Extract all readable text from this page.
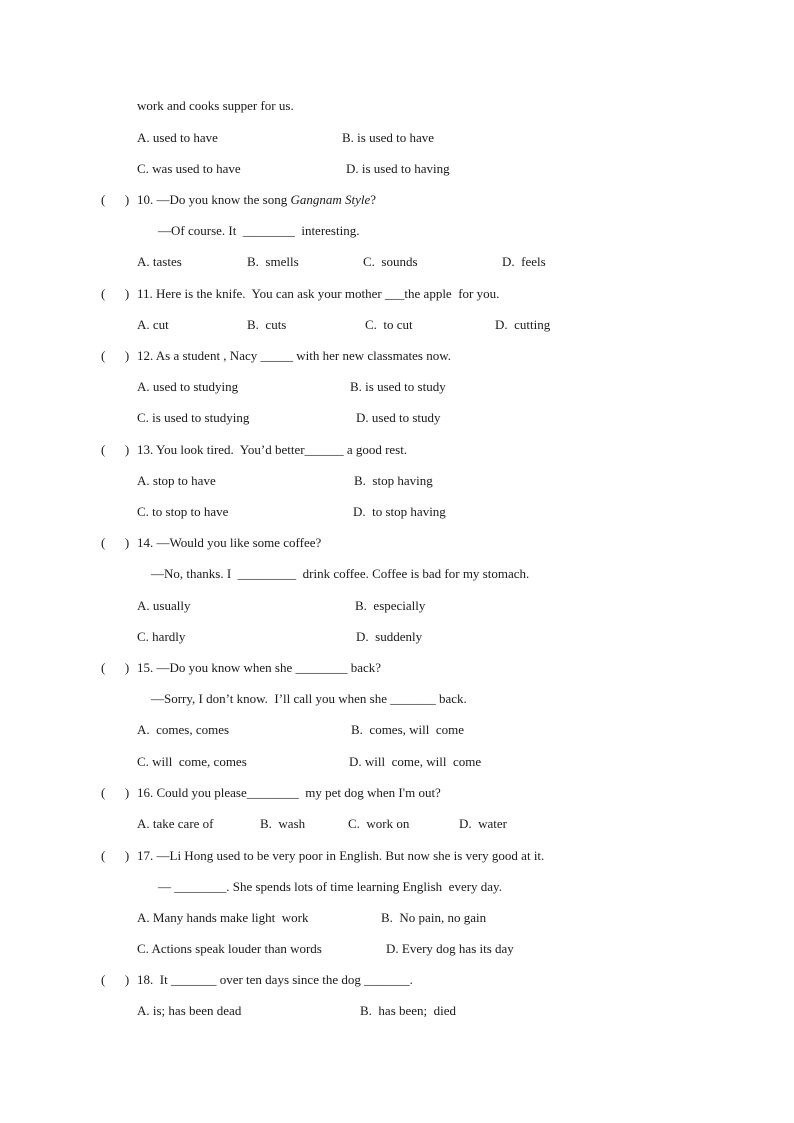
work and cooks supper for us.
A. used to have	B. is used to have
C. was used to have	D. is used to having
(      ) 10. —Do you know the song Gangnam Style?
—Of course. It  ________  interesting.
A. tastes	B.  smells	C.  sounds	D.  feels
(      ) 11. Here is the knife.  You can ask your mother ___the apple  for you.
A. cut	B.  cuts	C.  to cut	D.  cutting
(      ) 12. As a student , Nacy _____ with her new classmates now.
A. used to studying	B. is used to study
C. is used to studying	D. used to study
(      ) 13. You look tired.  You’d better______ a good rest.
A. stop to have	B.  stop having
C. to stop to have	D.  to stop having
(      ) 14. —Would you like some coffee?
—No, thanks. I  _________  drink coffee. Coffee is bad for my stomach.
A. usually	B.  especially
C. hardly	D.  suddenly
(      ) 15. —Do you know when she ________ back?
—Sorry, I don’t know.  I’ll call you when she _______ back.
A.  comes, comes	B.  comes, will  come
C. will  come, comes	D. will  come, will  come
(      ) 16. Could you please________  my pet dog when I'm out?
A. take care of	B.  wash	C.  work on	D.  water
(      ) 17. —Li Hong used to be very poor in English. But now she is very good at it.
— ________. She spends lots of time learning English  every day.
A. Many hands make light  work	B.  No pain, no gain
C. Actions speak louder than words	D. Every dog has its day
(      ) 18.  It _______ over ten days since the dog _______.
A. is; has been dead	B.  has been;  died
